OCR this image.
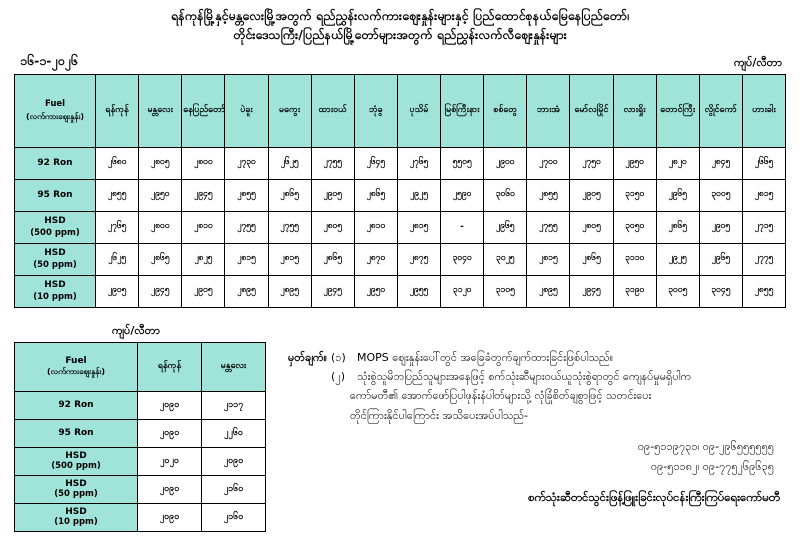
ရန်ကုန်မြို့နှင့်မန္တလေးမြို့အတွက် ရည်ညွှန်းလက်ကားဈေးနှုန်းများနှင့် ပြည်ထောင်စုနယ်မြေနေပြည်တော်၊
တိုင်းဒေသကြီး/ပြည်နယ်မြို့တော်များအတွက် ရည်ညွှန်းလက်လီဈေးနှုန်းများ
၁၆-၁-၂၀၂၆	ကျပ်/လီတာ
Fuel
(လက်ကားဈေးနှုန်း)	ရန်ကုန်	မန္တလေး	နေပြည်တော်	ပဲခူး	မကွေး	ထားဝယ်	ဘုံခွ	ပုသိမ်	မြစ်ကြီးနား	စစ်တွေ	ဘားအံ	မော်လမြိုင်	လားရှိုး	တောင်ကြီး	လွိုင်ကော်	ဟားခါး
92 Ron	၂၆၈၀	၂၈၀၅	၂၈၀၀	၂၇၃၀	၂၆၂၅	၂၇၅၅	၂၆၄၅	၂၇၆၅	၅၅၀၅	၂၉၀၀	၂၇၀၀	၂၇၅၀	၂၉၅၀	၂၈၂၀	၂၈၄၅	၂၆၆၅
95 Ron	၂၈၅၅	၂၉၅၀	၂၉၄၅	၂၈၅၅	၂၈၆၅	၂၉၀၅	၂၈၆၅	၂၉၂၅	၂၅၉၀	၃၀၆၀	၂၈၅၅	၂၉၀၅	၃၁၅၀	၂၉၆၅	၃၀၀၅	၂၈၁၅
HSD
(500 ppm)	၂၇၆၅	၂၈၀၀	၂၈၁၀	၂၇၅၅	၂၇၅၅	၂၈၀၅	၂၈၁၀	၂၈၁၅	-	၂၉၆၅	၂၇၅၅	၂၈၀၅	၃၀၅၀	၂၈၆၅	၂၉၀၅	၂၇၁၅
HSD
(50 ppm)	၂၆၂၅	၂၈၆၅	၂၈၂၅	၂၈၁၅	၂၈၁၅	၂၈၆၅	၂၈၇၀	၂၈၇၅	၃၀၄၀	၃၀၂၅	၂၈၁၅	၂၈၆၅	၃၁၁၀	၂၉၂၅	၂၉၆၅	၂၇၇၅
HSD
(10 ppm)	၂၉၀၅	၂၉၄၅	၂၉၀၅	၂၈၉၅	၂၈၉၅	၂၉၄၅	၂၉၅၀	၂၉၅၅	၃၁၂၀	၃၁၀၅	၂၈၉၅	၂၉၄၅	၃၁၉၀	၃၀၀၅	၃၀၄၅	၂၈၅၅
ကျပ်/လီတာ
Fuel
(လက်ကားဈေးနှုန်း)	ရန်ကုန်	မန္တလေး
92 Ron	၂၀၉၀	၂၁၁၇
95 Ron	၂၀၉၀	၂၂၆၀
HSD
(500 ppm)	၂၀၂၀	၂၀၉၀
HSD
(50 ppm)	၂၀၉၀	၂၁၆၀
HSD
(10 ppm)	၂၀၉၀	၂၁၆၀
မှတ်ချက်။ (၁)	MOPS ဈေးနှုန်းပေါ်တွင် အခြေခံတွက်ချက်ထားခြင်းဖြစ်ပါသည်။
(၂)	သုံးစွဲသူမိဘပြည်သူများအနေဖြင့် စက်သုံးဆီများဝယ်ယူသုံးစွဲရာတွင် ကျေနပ်မှုမရှိပါက
ကော်မတီ၏ အောက်ဖော်ပြပါဖုန်းနံပါတ်များသို့ လုံခြုံစိတ်ချစွာဖြင့် သတင်းပေး
တိုင်ကြားနိုင်ပါကြောင်း အသိပေးအပ်ပါသည်-
၀၉-၅၁၁၉၇၃၁၊ ၀၉-၂၉၆၅၅၅၅၅၅
၀၉-၅၁၁၈၂၊ ၀၉-၇၇၅၂၆၉၆၃၅
စက်သုံးဆီတင်သွင်းဖြန့်ဖြူးခြင်းလုပ်ငန်းကြီးကြပ်ရေးကော်မတီ
